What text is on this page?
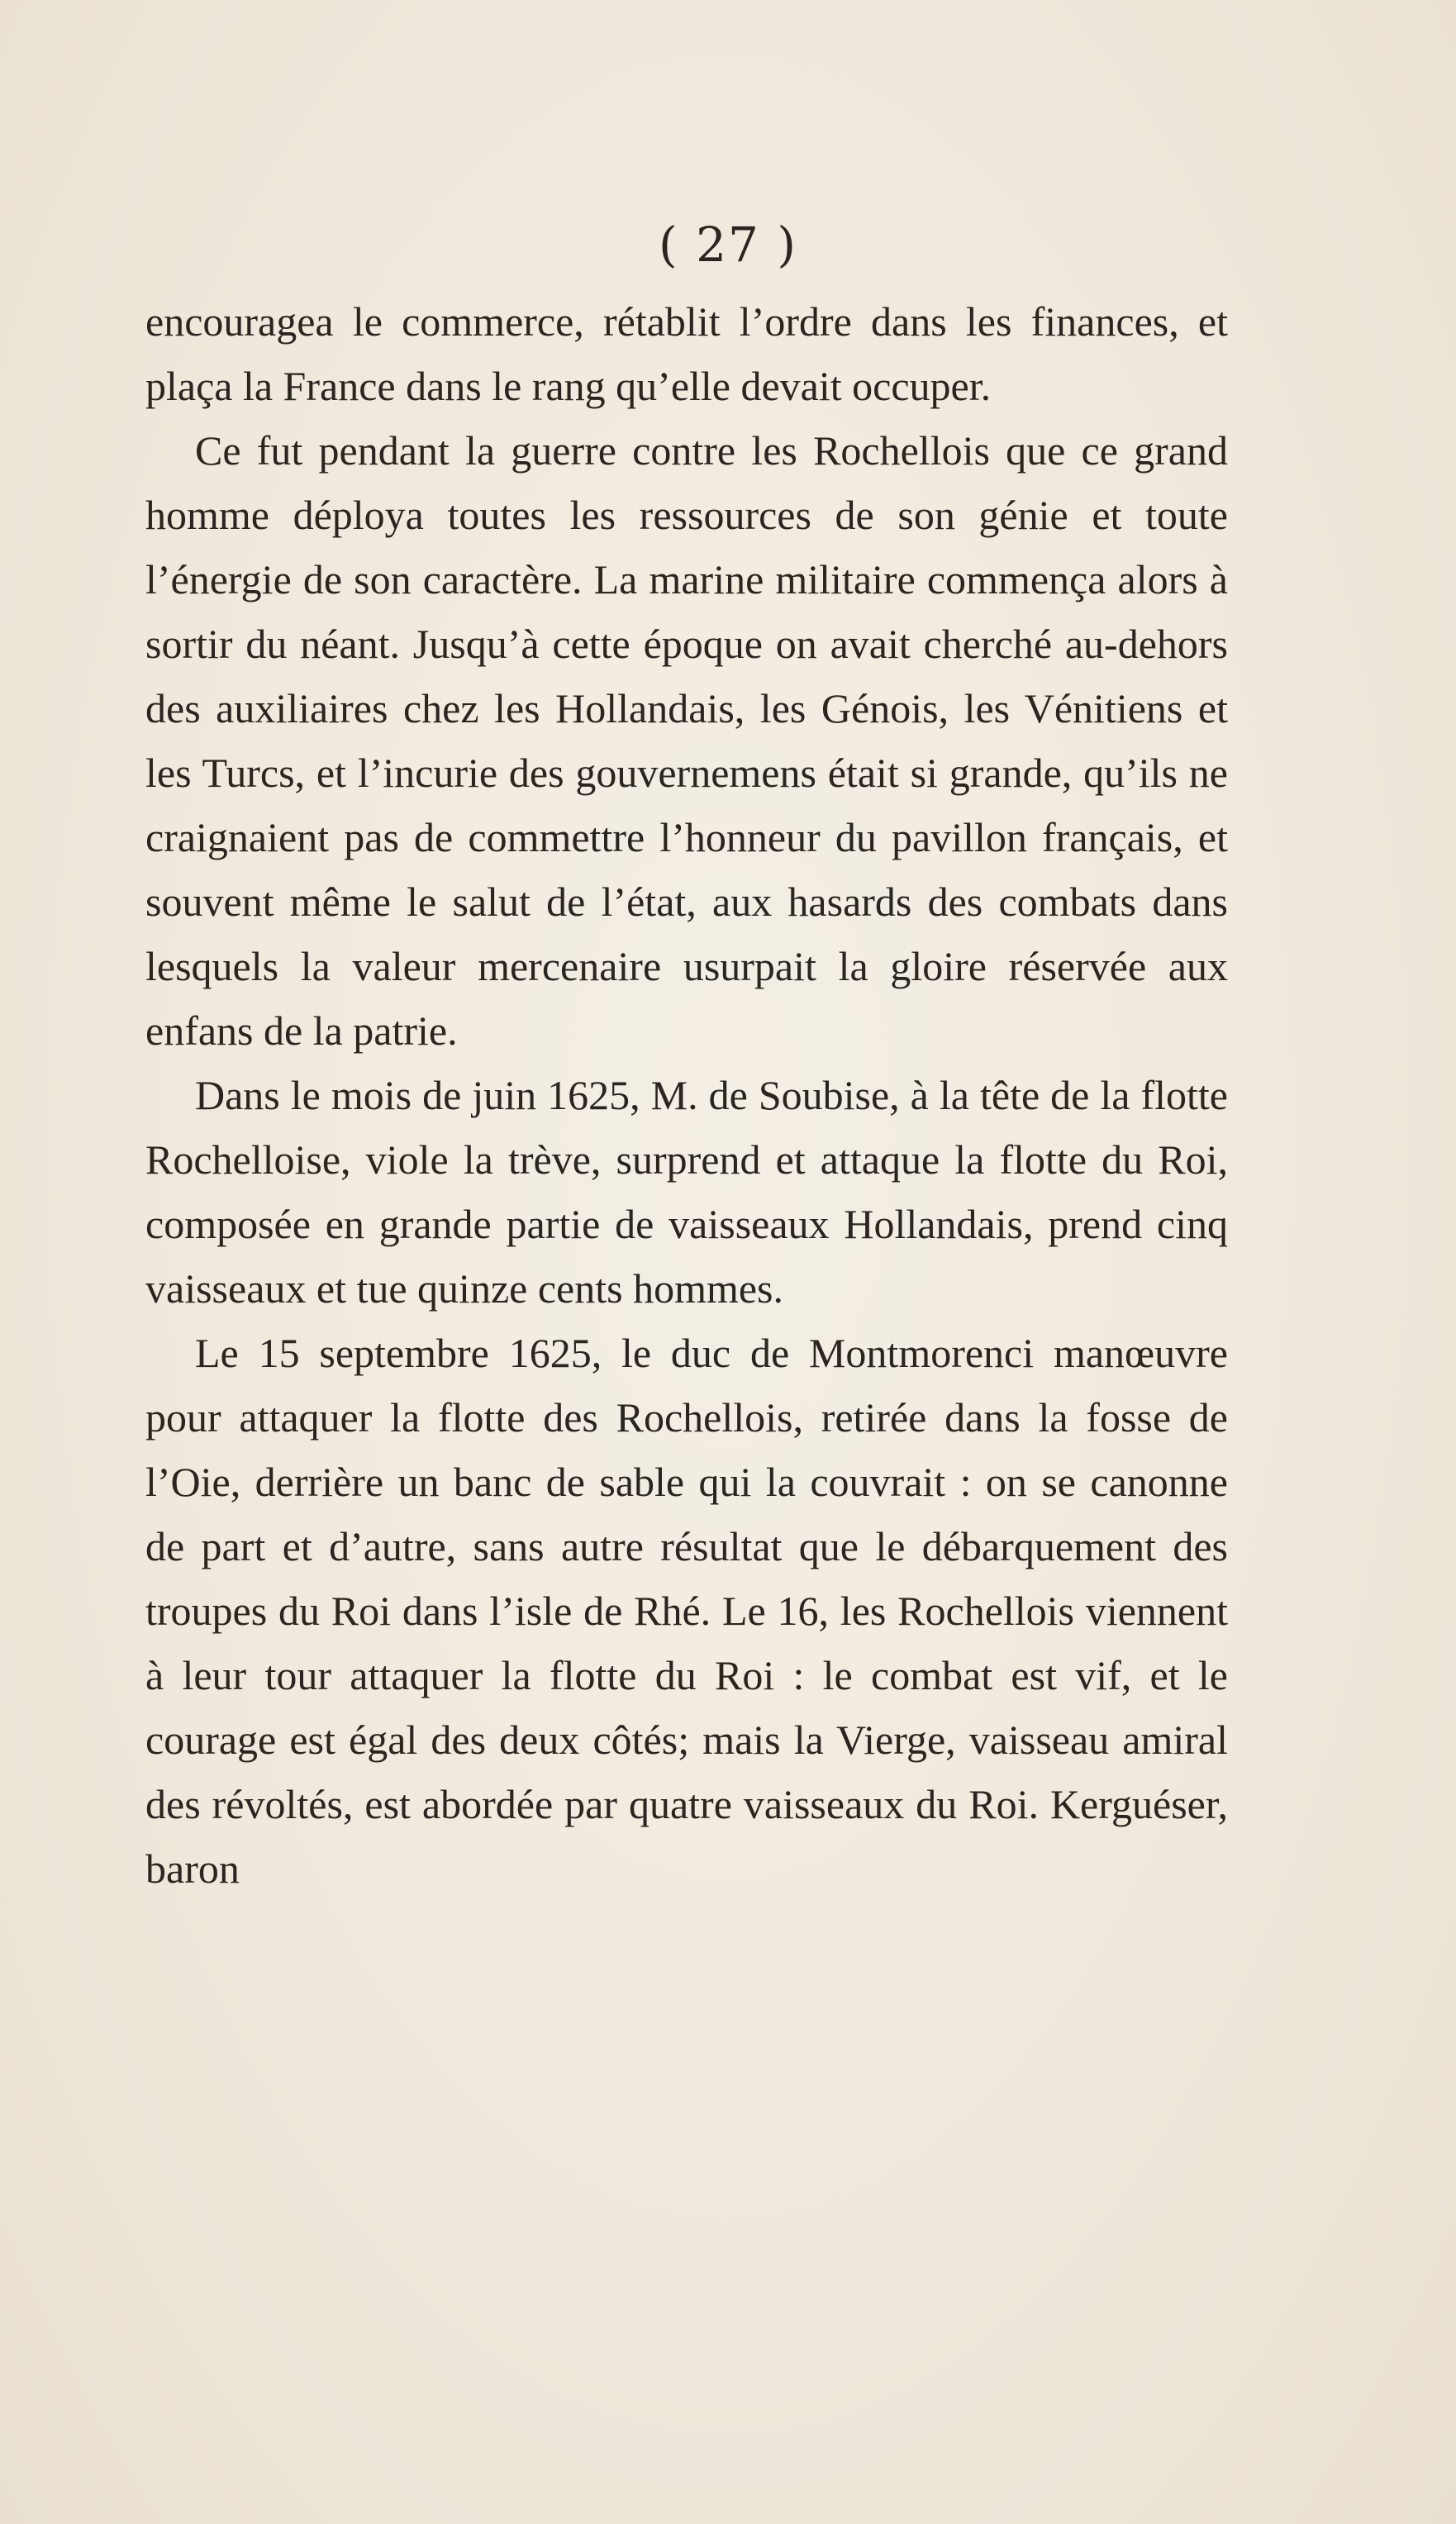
( 27 )

encouragea le commerce, rétablit l’ordre dans les finances, et plaça la France dans le rang qu’elle devait occuper.

Ce fut pendant la guerre contre les Rochellois que ce grand homme déploya toutes les ressources de son génie et toute l’énergie de son caractère. La marine militaire commença alors à sortir du néant. Jusqu’à cette époque on avait cherché au-dehors des auxiliaires chez les Hollandais, les Génois, les Vénitiens et les Turcs, et l’incurie des gouvernemens était si grande, qu’ils ne craignaient pas de commettre l’honneur du pavillon français, et souvent même le salut de l’état, aux hasards des combats dans lesquels la valeur mercenaire usurpait la gloire réservée aux enfans de la patrie.

Dans le mois de juin 1625, M. de Soubise, à la tête de la flotte Rochelloise, viole la trève, surprend et attaque la flotte du Roi, composée en grande partie de vaisseaux Hollandais, prend cinq vaisseaux et tue quinze cents hommes.

Le 15 septembre 1625, le duc de Montmorenci manœuvre pour attaquer la flotte des Rochellois, retirée dans la fosse de l’Oie, derrière un banc de sable qui la couvrait : on se canonne de part et d’autre, sans autre résultat que le débarquement des troupes du Roi dans l’isle de Rhé. Le 16, les Rochellois viennent à leur tour attaquer la flotte du Roi : le combat est vif, et le courage est égal des deux côtés; mais la Vierge, vaisseau amiral des révoltés, est abordée par quatre vaisseaux du Roi. Kerguéser, baron
